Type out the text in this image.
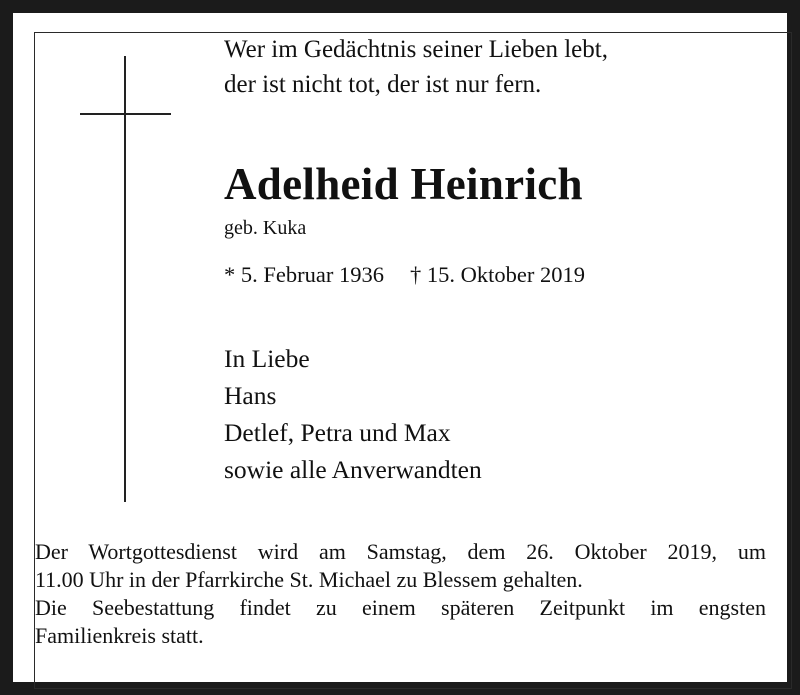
Wer im Gedächtnis seiner Lieben lebt,
der ist nicht tot, der ist nur fern.
Adelheid Heinrich
geb. Kuka
* 5. Februar 1936 † 15. Oktober 2019
In Liebe
Hans
Detlef, Petra und Max
sowie alle Anverwandten
Der Wortgottesdienst wird am Samstag, dem 26. Oktober 2019, um
11.00 Uhr in der Pfarrkirche St. Michael zu Blessem gehalten.
Die Seebestattung findet zu einem späteren Zeitpunkt im engsten
Familienkreis statt.
